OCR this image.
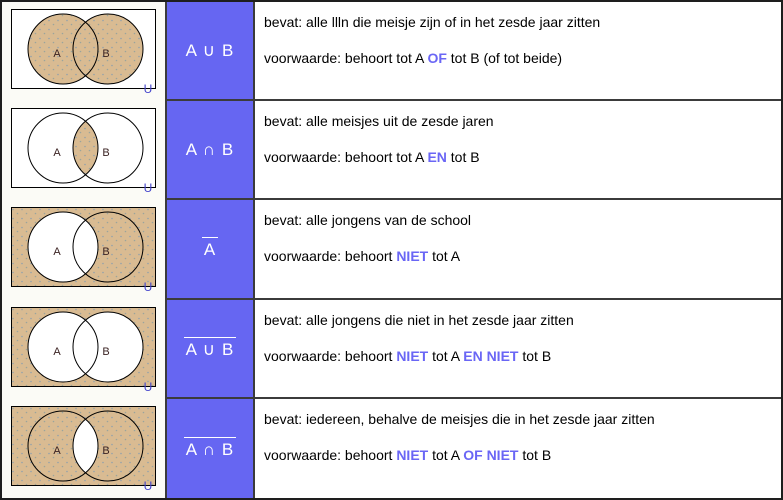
A	B
U
A ∪ B

bevat: alle llln die meisje zijn of in het zesde jaar zitten

voorwaarde: behoort tot A OF tot B (of tot beide)

A	B
U
A ∩ B

bevat: alle meisjes uit de zesde jaren

voorwaarde: behoort tot A EN tot B

A	B
U
A

bevat: alle jongens van de school

voorwaarde: behoort NIET tot A

A	B
U
A ∪ B

bevat: alle jongens die niet in het zesde jaar zitten

voorwaarde: behoort NIET tot A EN NIET tot B

A	B
U
A ∩ B

bevat: iedereen, behalve de meisjes die in het zesde jaar zitten

voorwaarde: behoort NIET tot A OF NIET tot B
